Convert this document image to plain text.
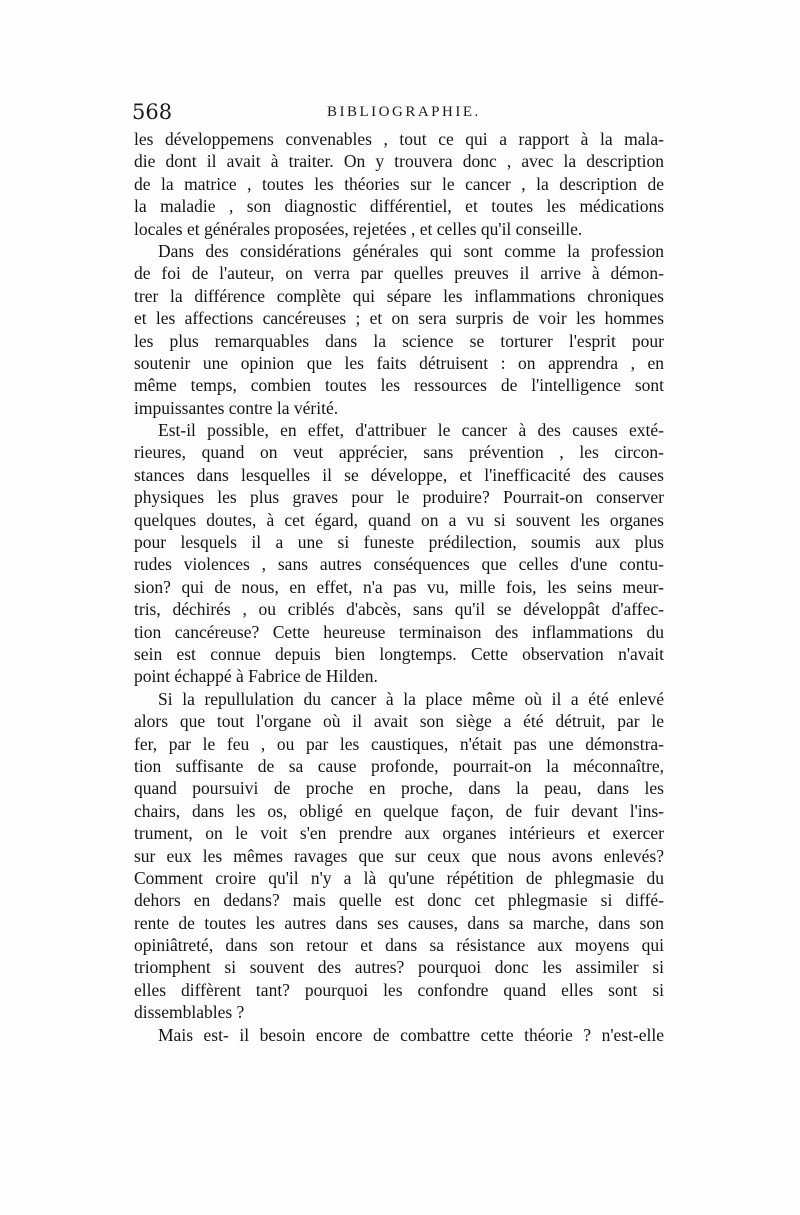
568	BIBLIOGRAPHIE.
les développemens convenables , tout ce qui a rapport à la mala-
die dont il avait à traiter. On y trouvera donc , avec la description
de la matrice , toutes les théories sur le cancer , la description de
la maladie , son diagnostic différentiel, et toutes les médications
locales et générales proposées, rejetées , et celles qu'il conseille.
Dans des considérations générales qui sont comme la profession
de foi de l'auteur, on verra par quelles preuves il arrive à démon-
trer la différence complète qui sépare les inflammations chroniques
et les affections cancéreuses ; et on sera surpris de voir les hommes
les plus remarquables dans la science se torturer l'esprit pour
soutenir une opinion que les faits détruisent : on apprendra , en
même temps, combien toutes les ressources de l'intelligence sont
impuissantes contre la vérité.
Est-il possible, en effet, d'attribuer le cancer à des causes exté-
rieures, quand on veut apprécier, sans prévention , les circon-
stances dans lesquelles il se développe, et l'inefficacité des causes
physiques les plus graves pour le produire? Pourrait-on conserver
quelques doutes, à cet égard, quand on a vu si souvent les organes
pour lesquels il a une si funeste prédilection, soumis aux plus
rudes violences , sans autres conséquences que celles d'une contu-
sion? qui de nous, en effet, n'a pas vu, mille fois, les seins meur-
tris, déchirés , ou criblés d'abcès, sans qu'il se développât d'affec-
tion cancéreuse? Cette heureuse terminaison des inflammations du
sein est connue depuis bien longtemps. Cette observation n'avait
point échappé à Fabrice de Hilden.
Si la repullulation du cancer à la place même où il a été enlevé
alors que tout l'organe où il avait son siège a été détruit, par le
fer, par le feu , ou par les caustiques, n'était pas une démonstra-
tion suffisante de sa cause profonde, pourrait-on la méconnaître,
quand poursuivi de proche en proche, dans la peau, dans les
chairs, dans les os, obligé en quelque façon, de fuir devant l'ins-
trument, on le voit s'en prendre aux organes intérieurs et exercer
sur eux les mêmes ravages que sur ceux que nous avons enlevés?
Comment croire qu'il n'y a là qu'une répétition de phlegmasie du
dehors en dedans? mais quelle est donc cet phlegmasie si diffé-
rente de toutes les autres dans ses causes, dans sa marche, dans son
opiniâtreté, dans son retour et dans sa résistance aux moyens qui
triomphent si souvent des autres? pourquoi donc les assimiler si
elles diffèrent tant? pourquoi les confondre quand elles sont si
dissemblables ?
Mais est- il besoin encore de combattre cette théorie ? n'est-elle
